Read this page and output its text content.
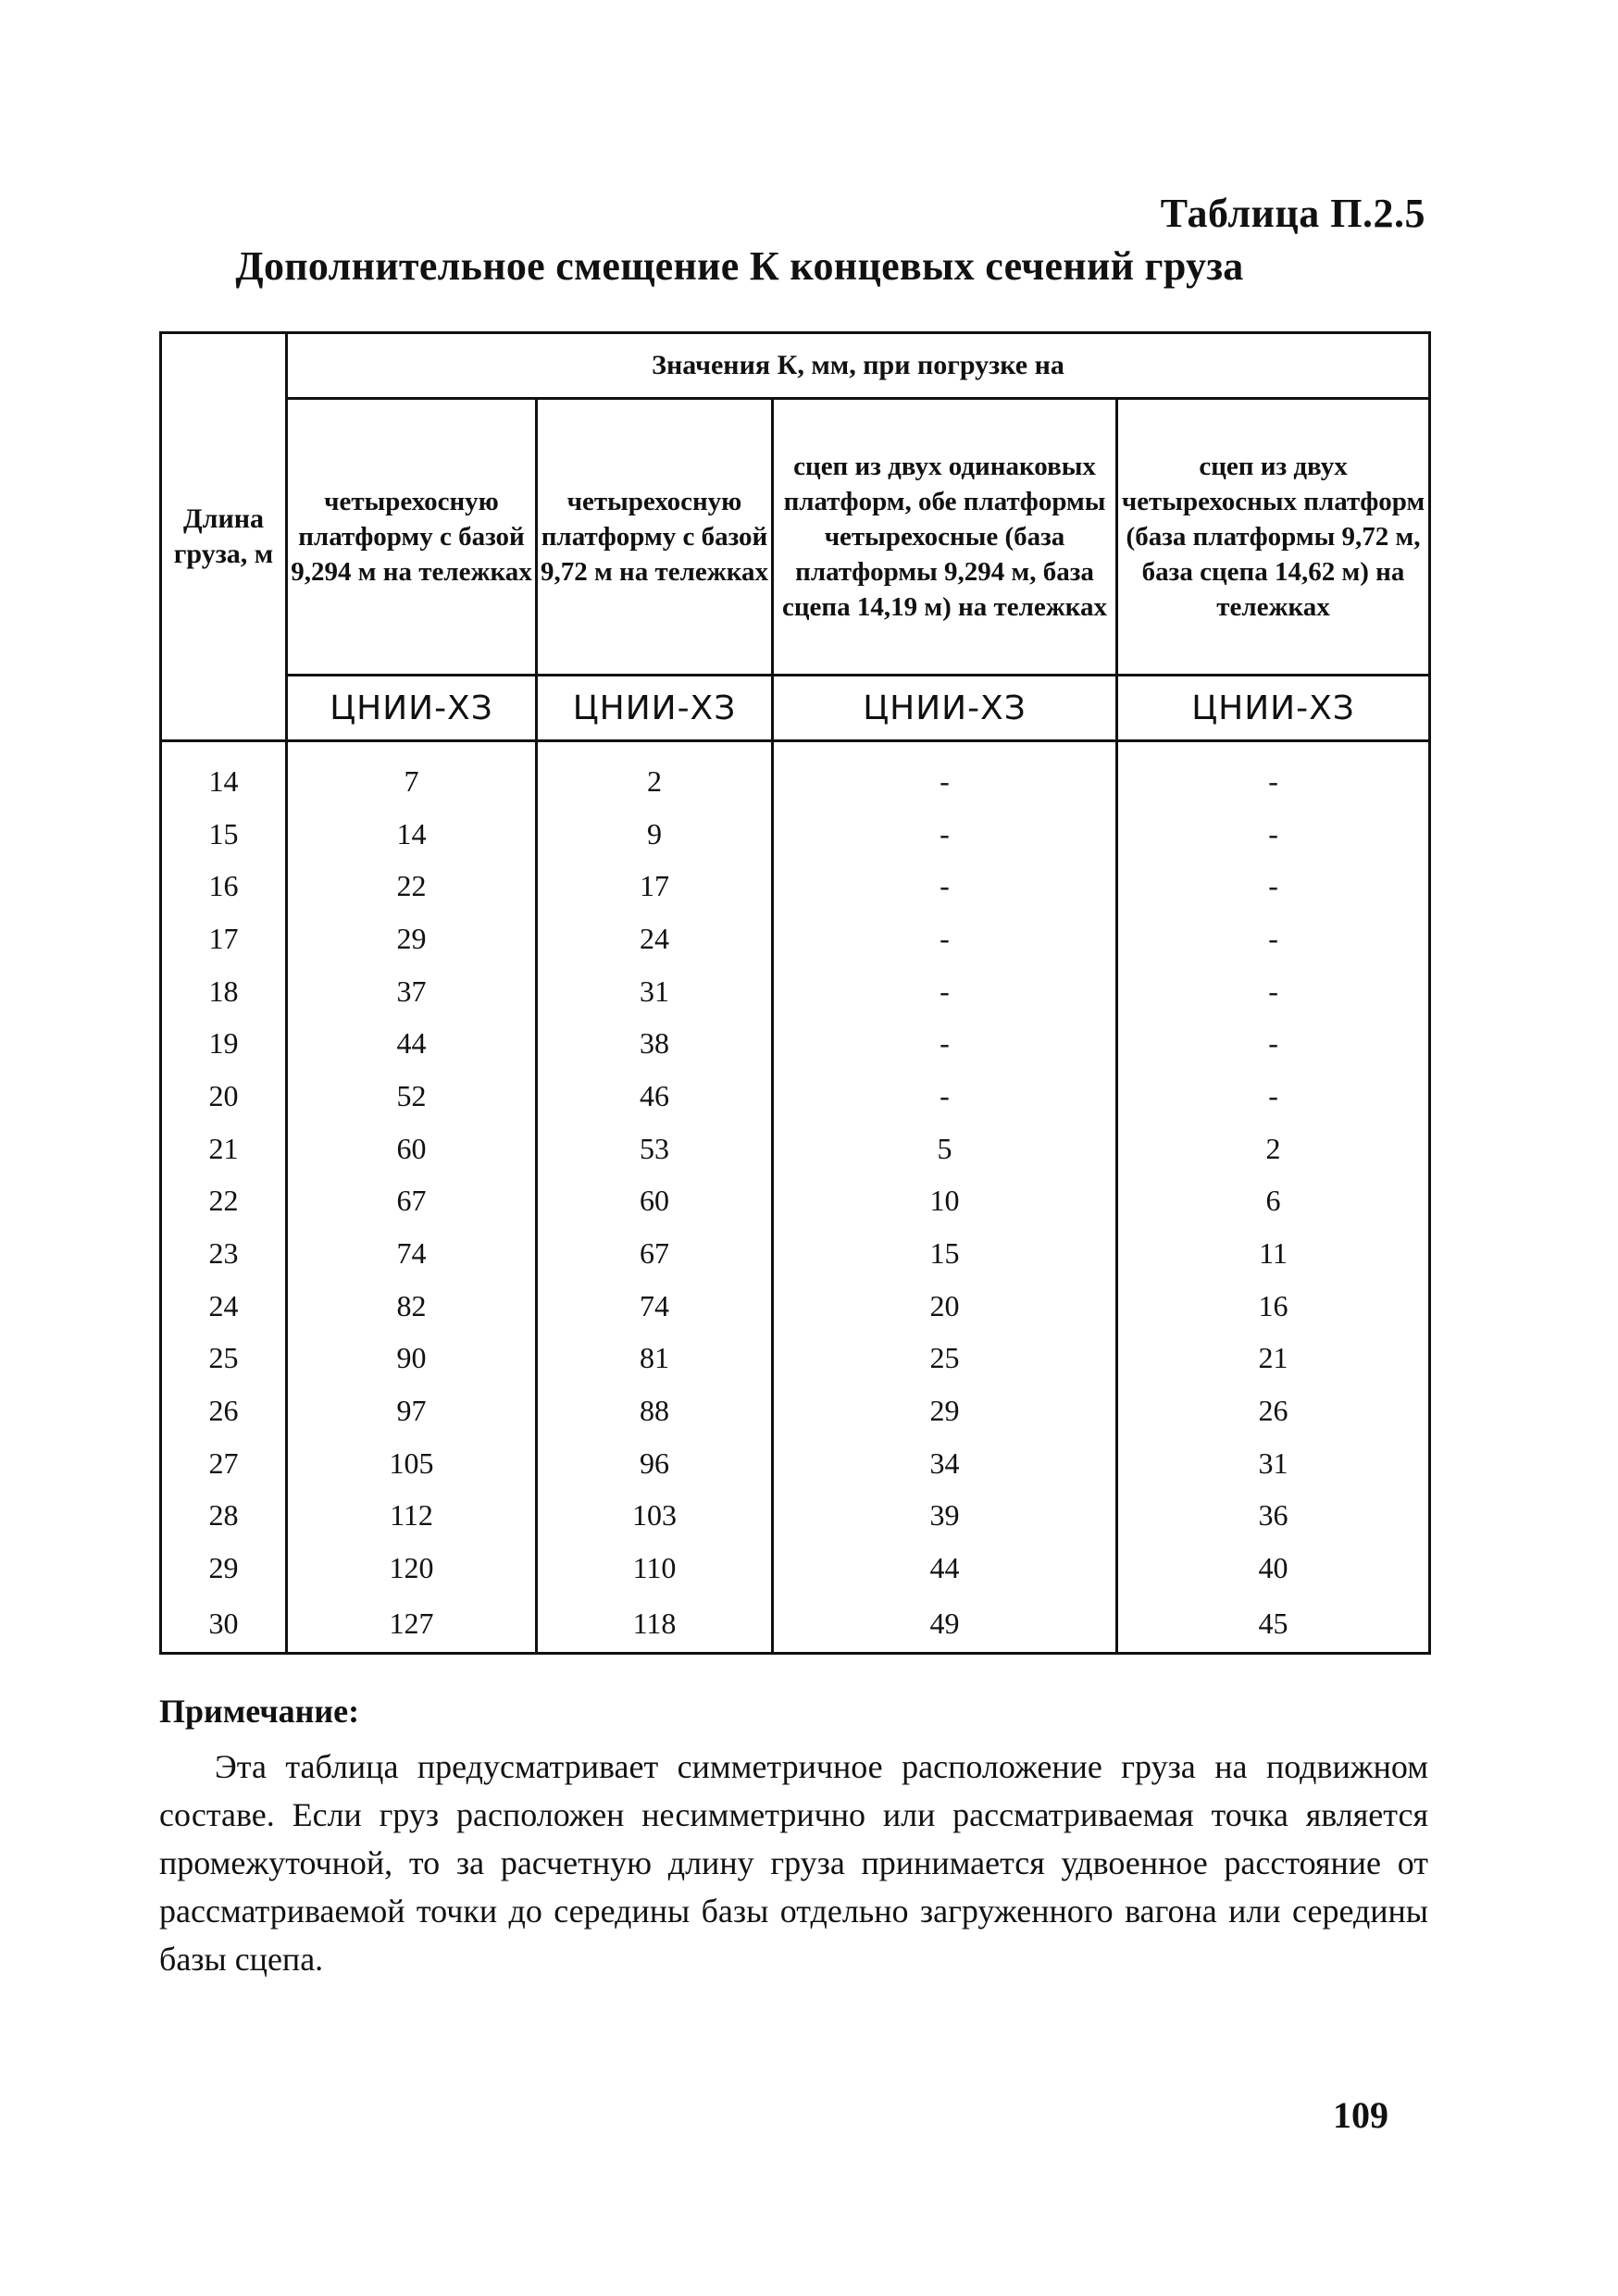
Таблица П.2.5
Дополнительное смещение К концевых сечений груза
Длина груза, м	Значения К, мм, при погрузке на			
	четырехосную платформу с базой 9,294 м на тележках	четырехосную платформу с базой 9,72 м на тележках	сцеп из двух одинаковых платформ, обе платформы четырехосные (база платформы 9,294 м, база сцепа 14,19 м) на тележках	сцеп из двух четырехосных платформ (база платформы 9,72 м, база сцепа 14,62 м) на тележках
	ЦНИИ-ХЗ	ЦНИИ-ХЗ	ЦНИИ-ХЗ	ЦНИИ-ХЗ

14	7	2	-	-
15	14	9	-	-
16	22	17	-	-
17	29	24	-	-
18	37	31	-	-
19	44	38	-	-
20	52	46	-	-
21	60	53	5	2
22	67	60	10	6
23	74	67	15	11
24	82	74	20	16
25	90	81	25	21
26	97	88	29	26
27	105	96	34	31
28	112	103	39	36
29	120	110	44	40
30	127	118	49	45
Примечание:
Эта таблица предусматривает симметричное расположение груза на подвижном составе. Если груз расположен несимметрично или рассматриваемая точка является промежуточной, то за расчетную длину груза принимается удвоенное расстояние от рассматриваемой точки до середины базы отдельно загруженного вагона или середины базы сцепа.
109
